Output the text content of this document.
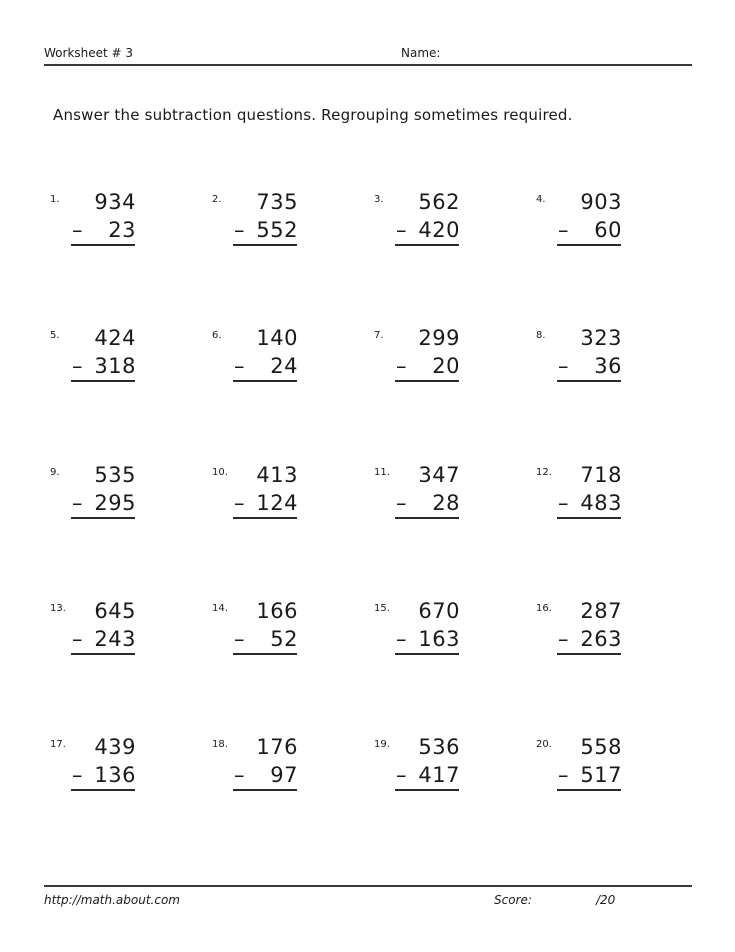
Worksheet # 3	Name:
Answer the subtraction questions. Regrouping sometimes required.
1. 934
– 23
2. 735
– 552
3. 562
– 420
4. 903
– 60
5. 424
– 318
6. 140
– 24
7. 299
– 20
8. 323
– 36
9. 535
– 295
10. 413
– 124
11. 347
– 28
12. 718
– 483
13. 645
– 243
14. 166
– 52
15. 670
– 163
16. 287
– 263
17. 439
– 136
18. 176
– 97
19. 536
– 417
20. 558
– 517
http://math.about.com	Score:	/20
